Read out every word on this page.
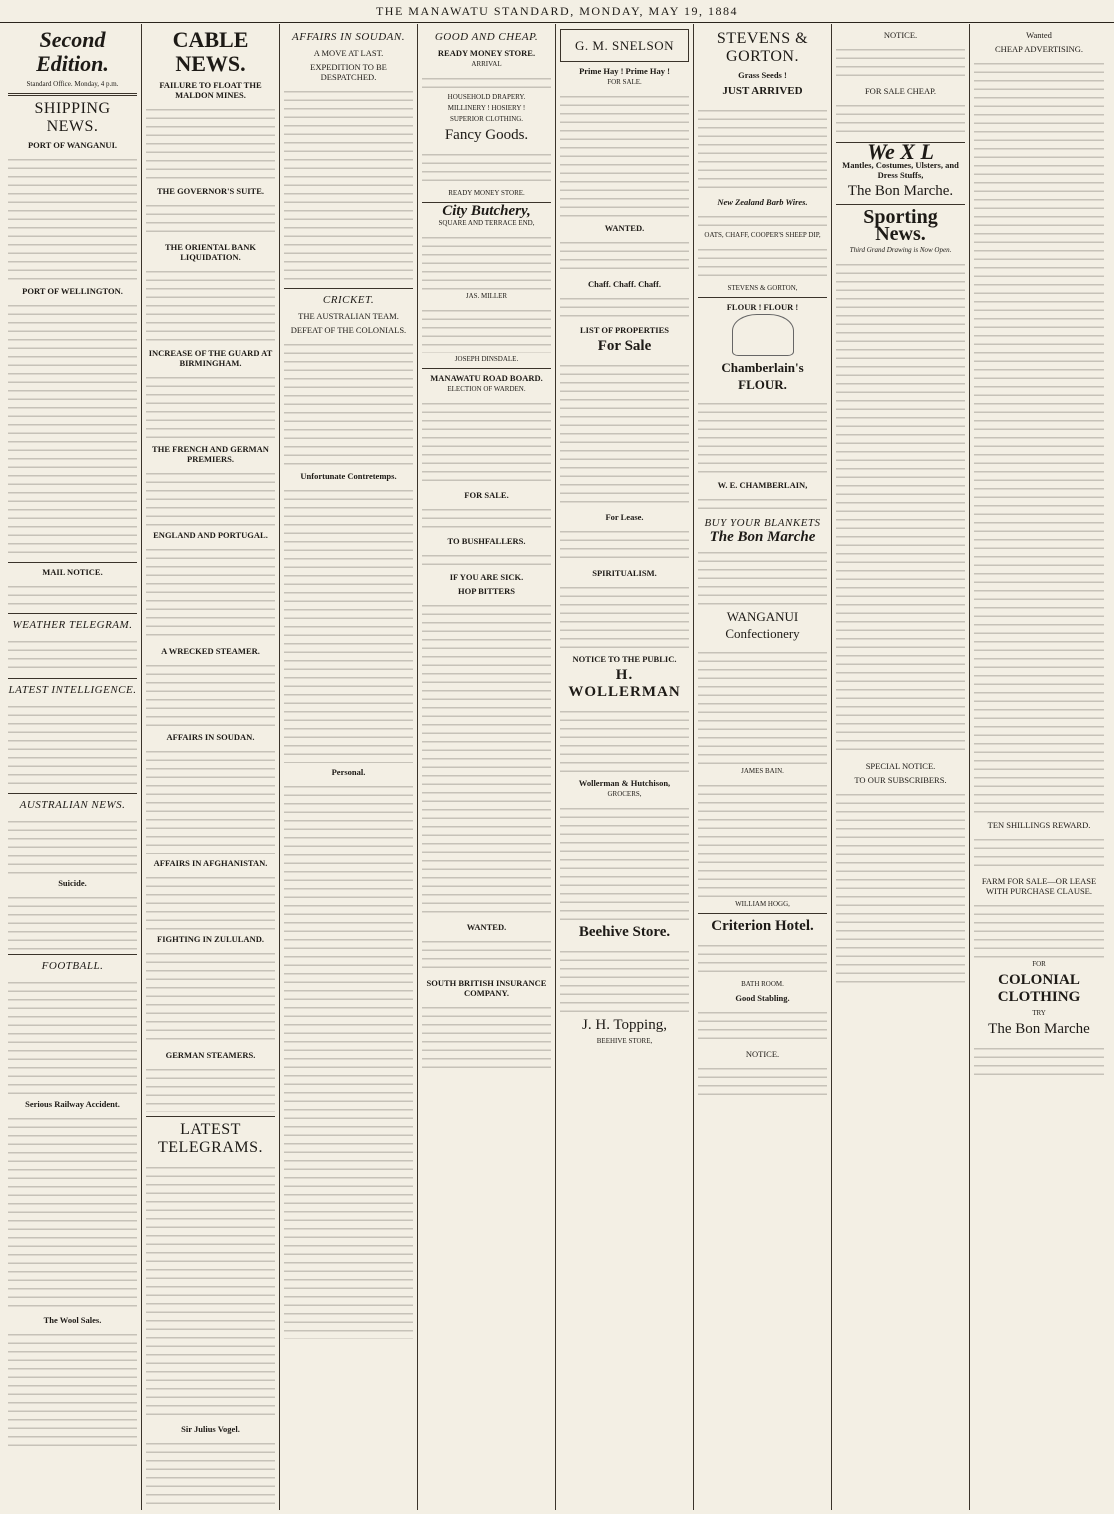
THE MANAWATU STANDARD, MONDAY, MAY 19, 1884
Second Edition.
Standard Office. Monday, 4 p.m.
SHIPPING NEWS.
PORT OF WANGANUI.
PORT OF WELLINGTON.
MAIL NOTICE.
WEATHER TELEGRAM.
LATEST INTELLIGENCE.
AUSTRALIAN NEWS.
Suicide.
FOOTBALL.
Serious Railway Accident.
The Wool Sales.
CABLE NEWS.
FAILURE TO FLOAT THE MALDON MINES.
THE GOVERNOR'S SUITE.
THE ORIENTAL BANK LIQUIDATION.
INCREASE OF THE GUARD AT BIRMINGHAM.
THE FRENCH AND GERMAN PREMIERS.
ENGLAND AND PORTUGAL.
A WRECKED STEAMER.
AFFAIRS IN SOUDAN.
AFFAIRS IN AFGHANISTAN.
FIGHTING IN ZULULAND.
GERMAN STEAMERS.
LATEST TELEGRAMS.
Sir Julius Vogel.
AFFAIRS IN SOUDAN.
A MOVE AT LAST.
EXPEDITION TO BE DESPATCHED.
CRICKET.
THE AUSTRALIAN TEAM.
DEFEAT OF THE COLONIALS.
Unfortunate Contretemps.
Personal.
GOOD AND CHEAP.
READY MONEY STORE.
ARRIVAL
HOUSEHOLD DRAPERY.
MILLINERY ! HOSIERY !
SUPERIOR CLOTHING.
Fancy Goods.
READY MONEY STORE.
City Butchery,
SQUARE AND TERRACE END,
JAS. MILLER
JOSEPH DINSDALE.
MANAWATU ROAD BOARD.
ELECTION OF WARDEN.
FOR SALE.
TO BUSHFALLERS.
IF YOU ARE SICK.
HOP BITTERS
WANTED.
SOUTH BRITISH INSURANCE COMPANY.
G. M. SNELSON
Prime Hay ! Prime Hay !
FOR SALE.
WANTED.
Chaff. Chaff. Chaff.
LIST OF PROPERTIES
For Sale
For Lease.
SPIRITUALISM.
NOTICE TO THE PUBLIC.
H. WOLLERMAN
Wollerman & Hutchison,
GROCERS,
Beehive Store.
J. H. Topping,
BEEHIVE STORE,
STEVENS & GORTON.
Grass Seeds !
JUST ARRIVED
New Zealand Barb Wires.
OATS, CHAFF, COOPER'S SHEEP DIP,
STEVENS & GORTON,
FLOUR ! FLOUR !
Chamberlain's FLOUR.
W. E. CHAMBERLAIN,
BUY YOUR BLANKETS
The Bon Marche
WANGANUI Confectionery
JAMES BAIN.
WILLIAM HOGG,
Criterion Hotel.
BATH ROOM.
Good Stabling.
NOTICE.
NOTICE.
FOR SALE CHEAP.
We X L
Mantles, Costumes, Ulsters, and Dress Stuffs,
The Bon Marche.
Sporting News.
Third Grand Drawing is Now Open.
SPECIAL NOTICE.
TO OUR SUBSCRIBERS.
Wanted
CHEAP ADVERTISING.
TEN SHILLINGS REWARD.
FARM FOR SALE—OR LEASE WITH PURCHASE CLAUSE.
FOR
COLONIAL CLOTHING
TRY
The Bon Marche
